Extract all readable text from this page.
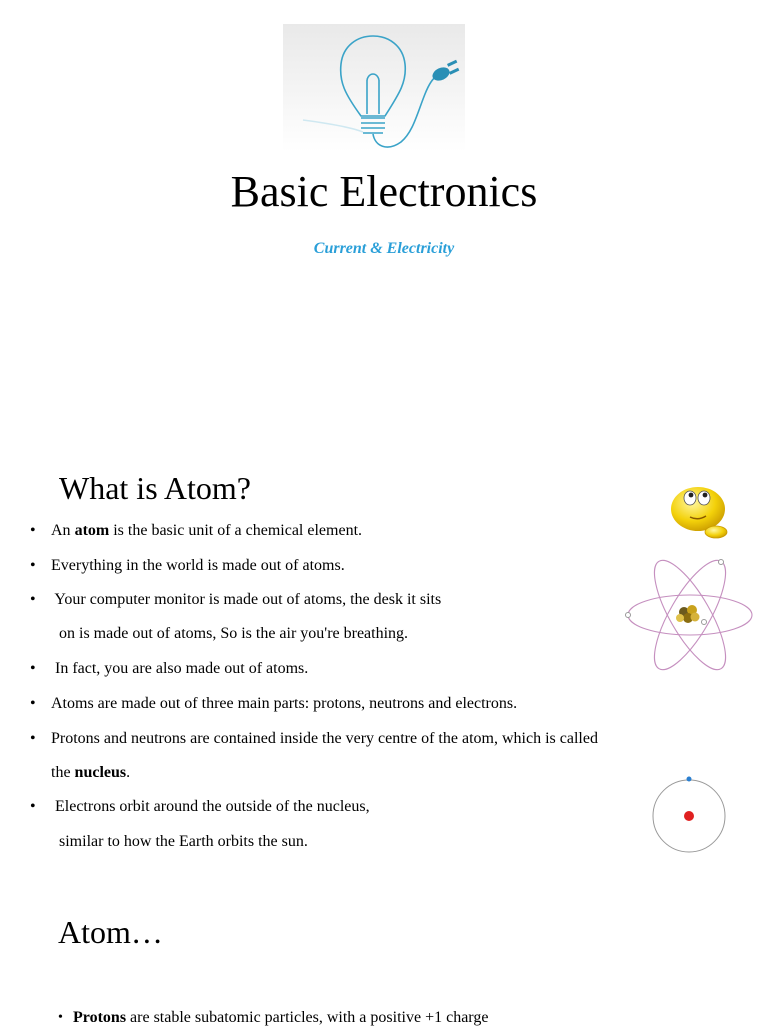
Basic Electronics
Current & Electricity
What is Atom?
• An atom is the basic unit of a chemical element.
• Everything in the world is made out of atoms.
• Your computer monitor is made out of atoms, the desk it sits
on is made out of atoms, So is the air you're breathing.
• In fact, you are also made out of atoms.
• Atoms are made out of three main parts: protons, neutrons and electrons.
• Protons and neutrons are contained inside the very centre of the atom, which is called
the nucleus.
• Electrons orbit around the outside of the nucleus,
similar to how the Earth orbits the sun.
Atom…
• Protons are stable subatomic particles, with a positive +1 charge
